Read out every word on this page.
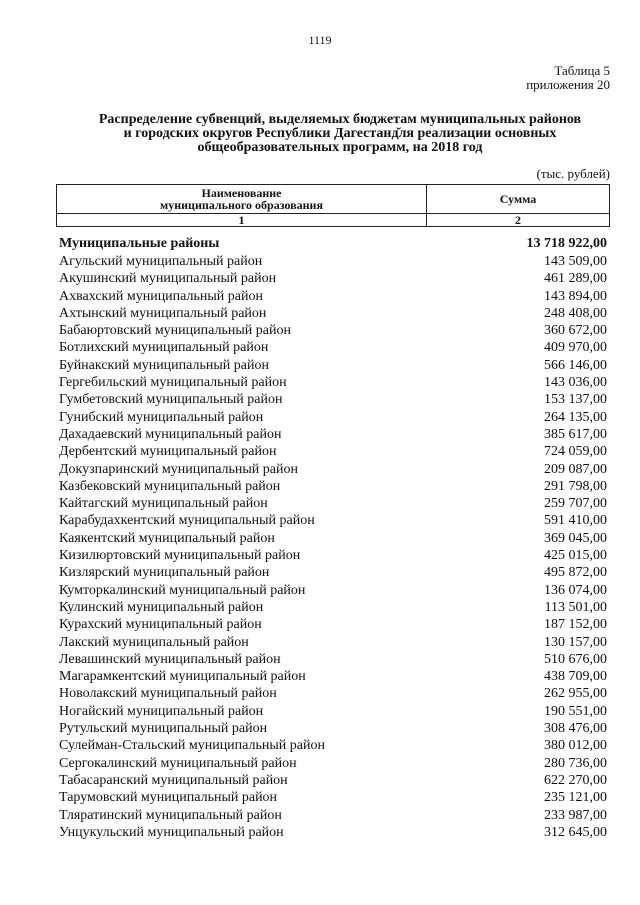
1119
Таблица 5
приложения 20
Распределение субвенций, выделяемых бюджетам муниципальных районов
и городских округов Республики Дагестанд̆ля реализации основных
общеобразовательных программ, на 2018 год
(тыс. рублей)
Наименование
муниципального образования	Сумма
1	2
Муниципальные районы	13 718 922,00
Агульский муниципальный район	143 509,00
Акушинский муниципальный район	461 289,00
Ахвахский муниципальный район	143 894,00
Ахтынский муниципальный район	248 408,00
Бабаюртовский муниципальный район	360 672,00
Ботлихский муниципальный район	409 970,00
Буйнакский муниципальный район	566 146,00
Гергебильский муниципальный район	143 036,00
Гумбетовский муниципальный район	153 137,00
Гунибский муниципальный район	264 135,00
Дахадаевский муниципальный район	385 617,00
Дербентский муниципальный район	724 059,00
Докузпаринский муниципальный район	209 087,00
Казбековский муниципальный район	291 798,00
Кайтагский муниципальный район	259 707,00
Карабудахкентский муниципальный район	591 410,00
Каякентский муниципальный район	369 045,00
Кизилюртовский муниципальный район	425 015,00
Кизлярский муниципальный район	495 872,00
Кумторкалинский муниципальный район	136 074,00
Кулинский муниципальный район	113 501,00
Курахский муниципальный район	187 152,00
Лакский муниципальный район	130 157,00
Левашинский муниципальный район	510 676,00
Магарамкентский муниципальный район	438 709,00
Новолакский муниципальный район	262 955,00
Ногайский муниципальный район	190 551,00
Рутульский муниципальный район	308 476,00
Сулейман-Стальский муниципальный район	380 012,00
Сергокалинский муниципальный район	280 736,00
Табасаранский муниципальный район	622 270,00
Тарумовский муниципальный район	235 121,00
Тляратинский муниципальный район	233 987,00
Унцукульский муниципальный район	312 645,00
